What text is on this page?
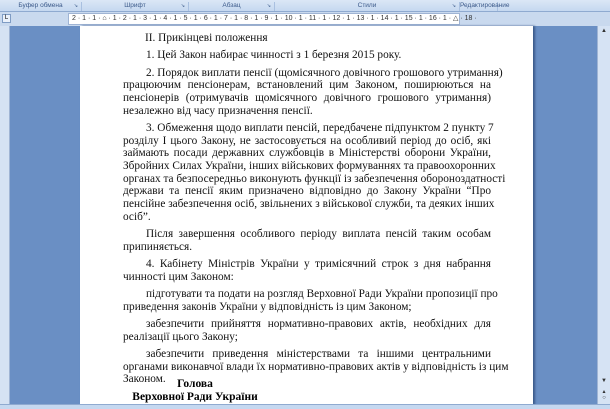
Буфер обмена ↘	Шрифт	↘	Абзац	↘	Стили	↘ Редактирование
L	2 · 1 · 1 · ⌂ · 1 · 2 · 1 · 3 · 1 · 4 · 1 · 5 · 1 · 6 · 1 · 7 · 1 · 8 · 1 · 9 · 1 · 10 · 1 · 11 · 1 · 12 · 1 · 13 · 1 · 14 · 1 · 15 · 1 · 16 · 1 · △ · 18 ·
II. Прикінцеві положення
1. Цей Закон набирає чинності з 1 березня 2015 року.
2. Порядок виплати пенсії (щомісячного довічного грошового утримання)
працюючим пенсіонерам, встановлений цим Законом, поширюються на
пенсіонерів (отримувачів щомісячного довічного грошового утримання)
незалежно від часу призначення пенсії.
3. Обмеження щодо виплати пенсій, передбачене підпунктом 2 пункту 7
розділу I цього Закону, не застосовується на особливий період до осіб, які
займають посади державних службовців в Міністерстві оборони України,
Збройних Силах України, інших військових формуваннях та правоохоронних
органах та безпосередньо виконують функції із забезпечення обороноздатності
держави та пенсії яким призначено відповідно до Закону України “Про
пенсійне забезпечення осіб, звільнених з військової служби, та деяких інших
осіб”.
Після завершення особливого періоду виплата пенсій таким особам
припиняється.
4. Кабінету Міністрів України у тримісячний строк з дня набрання
чинності цим Законом:
підготувати та подати на розгляд Верховної Ради України пропозиції про
приведення законів України у відповідність із цим Законом;
забезпечити прийняття нормативно-правових актів, необхідних для
реалізації цього Закону;
забезпечити приведення міністерствами та іншими центральними
органами виконавчої влади їх нормативно-правових актів у відповідність із цим
Законом. Голова
Верховної Ради України
▲
▼
▴
○
